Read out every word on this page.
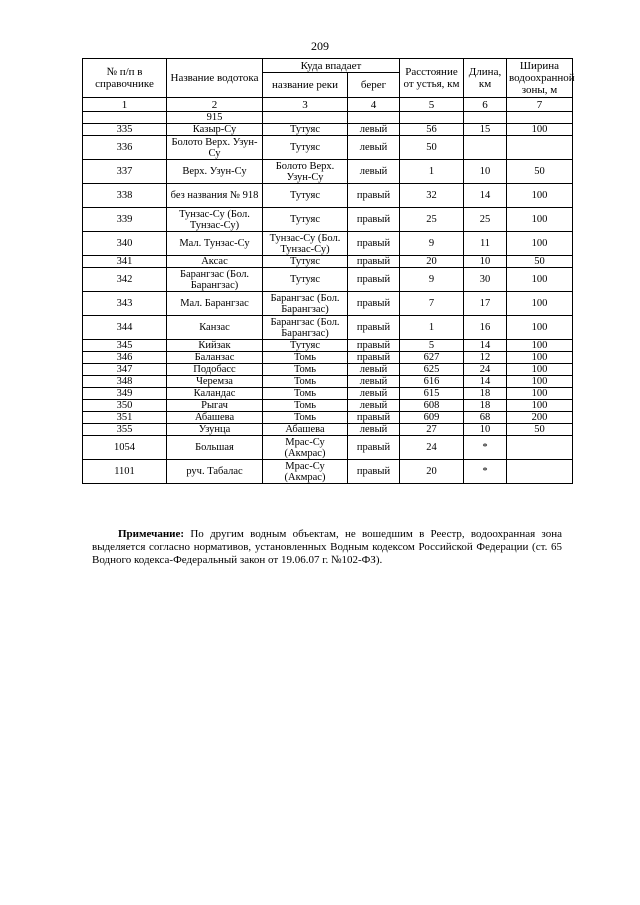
209
№ п/п в справочнике	Название водотока	Куда впадает		Расстояние от устья, км	Длина, км	Ширина водоохранной зоны, м
		название реки	берег			
1	2	3	4	5	6	7
	915					
335	Казыр-Су	Тутуяс	левый	56	15	100
336	Болото Верх. Узун-Су	Тутуяс	левый	50		
337	Верх. Узун-Су	Болото Верх. Узун-Су	левый	1	10	50
338	без названия № 918	Тутуяс	правый	32	14	100
339	Тунзас-Су (Бол. Тунзас-Су)	Тутуяс	правый	25	25	100
340	Мал. Тунзас-Су	Тунзас-Су (Бол. Тунзас-Су)	правый	9	11	100
341	Аксас	Тутуяс	правый	20	10	50
342	Барангзас (Бол. Барангзас)	Тутуяс	правый	9	30	100
343	Мал. Барангзас	Барангзас (Бол. Барангзас)	правый	7	17	100
344	Канзас	Барангзас (Бол. Барангзас)	правый	1	16	100
345	Кийзак	Тутуяс	правый	5	14	100
346	Баланзас	Томь	правый	627	12	100
347	Подобасс	Томь	левый	625	24	100
348	Черемза	Томь	левый	616	14	100
349	Каландас	Томь	левый	615	18	100
350	Рыгач	Томь	левый	608	18	100
351	Абашева	Томь	правый	609	68	200
355	Узунца	Абашева	левый	27	10	50
1054	Большая	Мрас-Су (Акмрас)	правый	24	*	
1101	руч. Табалас	Мрас-Су (Акмрас)	правый	20	*	

Примечание: По другим водным объектам, не вошедшим в Реестр, водоохранная зона выделяется согласно нормативов, установленных Водным кодексом Российской Федерации (ст. 65 Водного кодекса-Федеральный закон от 19.06.07 г. №102-ФЗ).
